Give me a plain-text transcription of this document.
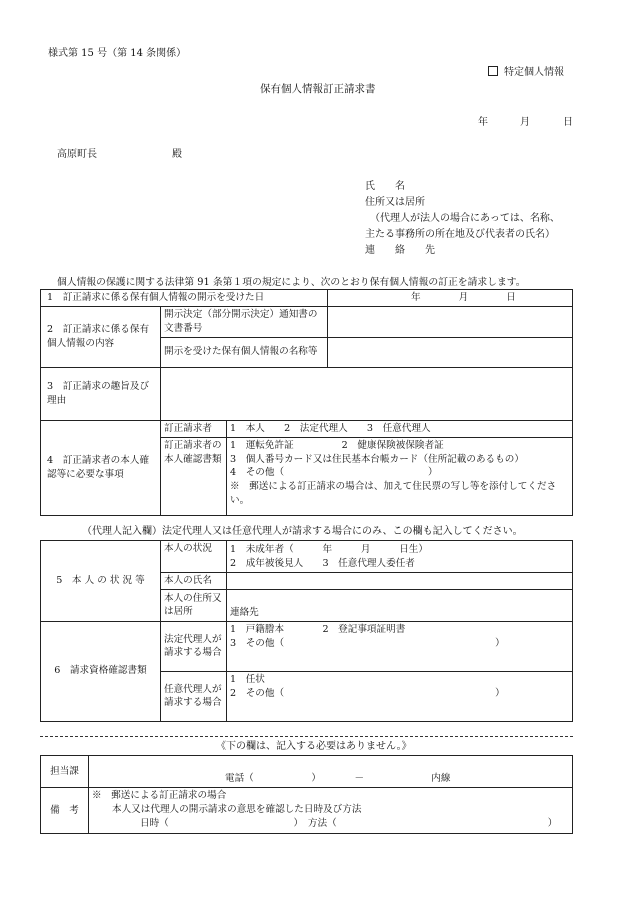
様式第 15 号（第 14 条関係）
特定個人情報
保有個人情報訂正請求書
年	月	日
高原町長	殿
氏　　名
住所又は居所
（代理人が法人の場合にあっては、名称、
主たる事務所の所在地及び代表者の氏名）
連　　絡　　先
個人情報の保護に関する法律第 91 条第１項の規定により、次のとおり保有個人情報の訂正を請求します。
1　訂正請求に係る保有個人情報の開示を受けた日			年 月 日
2　訂正請求に係る保有個人情報の内容	開示決定（部分開示決定）通知書の文書番号		
	開示を受けた保有個人情報の名称等		
3　訂正請求の趣旨及び理由			
4　訂正請求者の本人確認等に必要な事項	訂正請求者	1　本人　　2　法定代理人　　3　任意代理人	
	訂正請求者の本人確認書類	1　運転免許証　　　　　2　健康保険被保険者証
3　個人番号カード又は住民基本台帳カード（住所記載のあるもの）
4　その他（　　　　　　　　　　　　　　　）
※　郵送による訂正請求の場合は、加えて住民票の写し等を添付してください。	
（代理人記入欄）法定代理人又は任意代理人が請求する場合にのみ、この欄も記入してください。
5　本 人 の 状 況 等	本人の状況	1　未成年者（　　　年　　　月　　　日生）
2　成年被後見人　　3　任意代理人委任者

	本人の氏名	
	本人の住所又は居所	連絡先
6　請求資格確認書類	法定代理人が請求する場合	1　戸籍謄本　　　　2　登記事項証明書
3　その他（　　　　　　　　　　　　　　　　　　　　　　）

	任意代理人が請求する場合	1　任状
2　その他（　　　　　　　　　　　　　　　　　　　　　　）
《下の欄は、記入する必要はありません。》
担当課	電話（　　　　　　）　　　　－　　　　　　　内線
備　考	※　郵送による訂正請求の場合
本人又は代理人の開示請求の意思を確認した日時及び方法
日時（　　　　　　　　　　　　　）　方法（　　　　　　　　　　　　　　　　　　　　　　）
